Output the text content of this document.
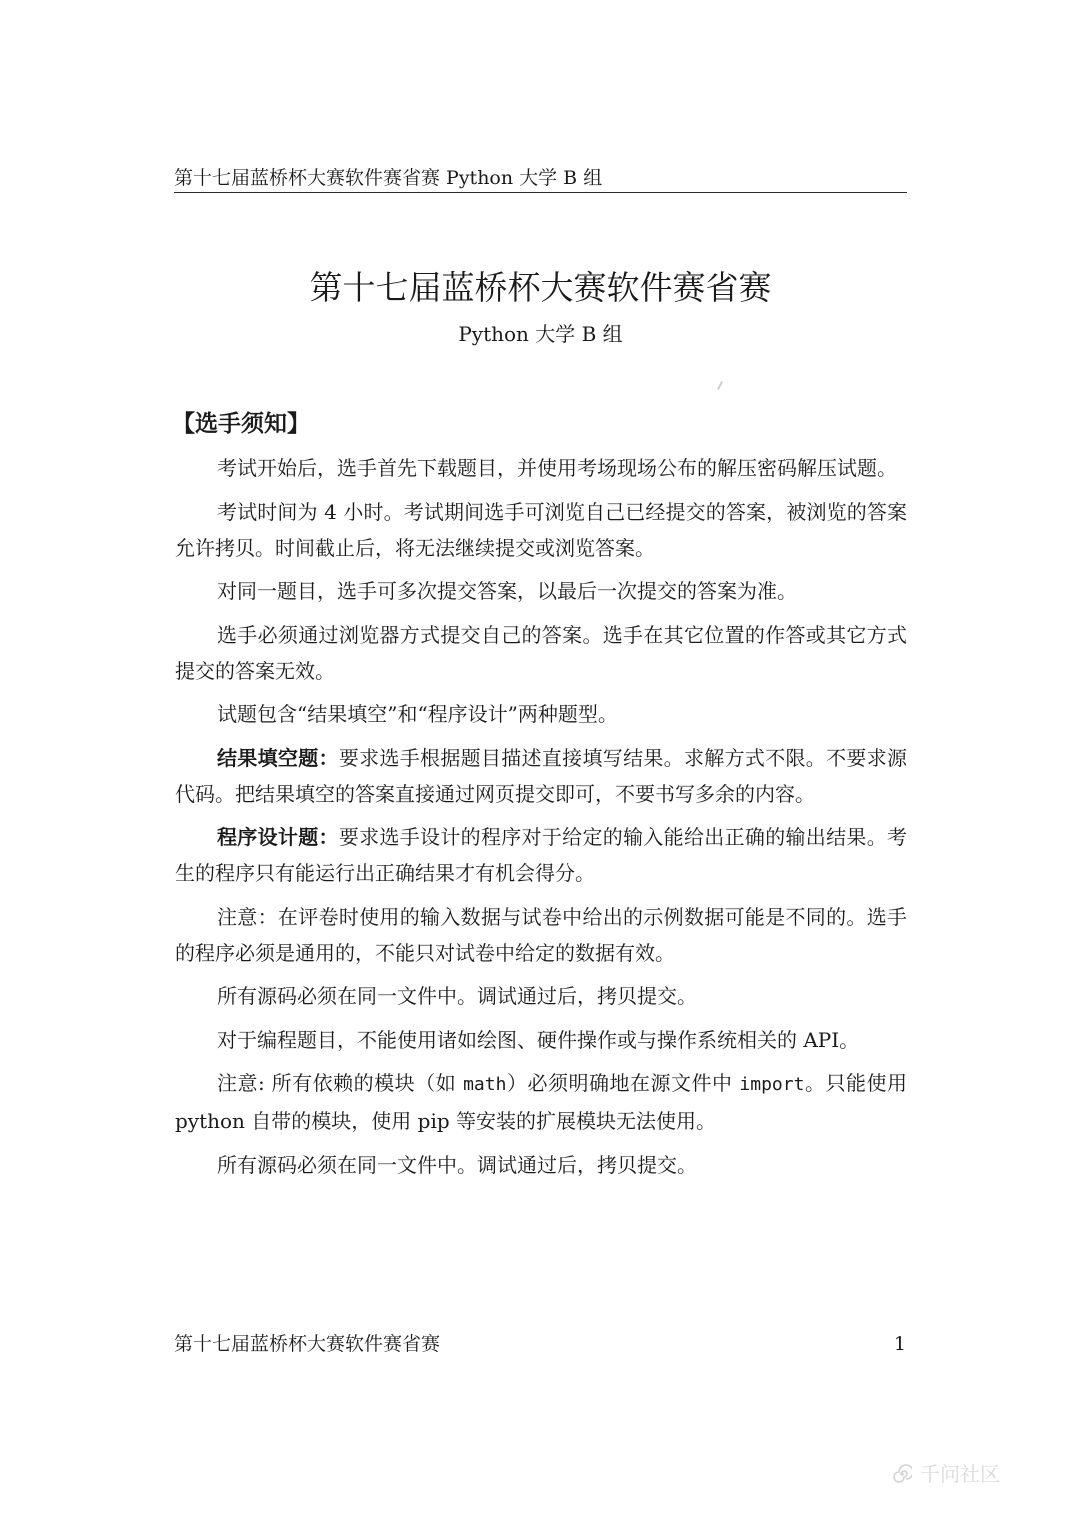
第十七届蓝桥杯大赛软件赛省赛 Python 大学 B 组
第十七届蓝桥杯大赛软件赛省赛
Python 大学 B 组
【选手须知】

考试开始后，选手首先下载题目，并使用考场现场公布的解压密码解压试题。

考试时间为 4 小时。考试期间选手可浏览自己已经提交的答案，被浏览的答案允许拷贝。时间截止后，将无法继续提交或浏览答案。

对同一题目，选手可多次提交答案，以最后一次提交的答案为准。

选手必须通过浏览器方式提交自己的答案。选手在其它位置的作答或其它方式提交的答案无效。

试题包含“结果填空”和“程序设计”两种题型。

结果填空题：要求选手根据题目描述直接填写结果。求解方式不限。不要求源代码。把结果填空的答案直接通过网页提交即可，不要书写多余的内容。

程序设计题：要求选手设计的程序对于给定的输入能给出正确的输出结果。考生的程序只有能运行出正确结果才有机会得分。

注意：在评卷时使用的输入数据与试卷中给出的示例数据可能是不同的。选手的程序必须是通用的，不能只对试卷中给定的数据有效。

所有源码必须在同一文件中。调试通过后，拷贝提交。

对于编程题目，不能使用诸如绘图、硬件操作或与操作系统相关的 API。

注意: 所有依赖的模块（如 math）必须明确地在源文件中 import。只能使用 python 自带的模块，使用 pip 等安装的扩展模块无法使用。

所有源码必须在同一文件中。调试通过后，拷贝提交。

第十七届蓝桥杯大赛软件赛省赛	1
千问社区
